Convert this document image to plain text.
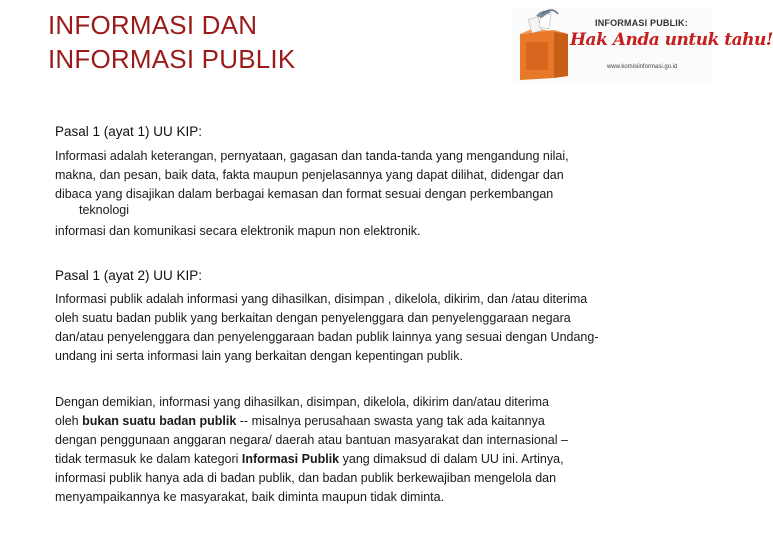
INFORMASI DAN
INFORMASI PUBLIK
INFORMASI PUBLIK:
Hak Anda untuk tahu!
www.komisiinformasi.go.id
Pasal 1 (ayat 1) UU KIP:
Informasi adalah keterangan, pernyataan, gagasan dan tanda-tanda yang mengandung nilai,
makna, dan pesan, baik data, fakta maupun penjelasannya yang dapat dilihat, didengar dan
dibaca yang disajikan dalam berbagai kemasan dan format sesuai dengan perkembangan
teknologi
informasi dan komunikasi secara elektronik mapun non elektronik.
Pasal 1 (ayat 2) UU KIP:
Informasi publik adalah informasi yang dihasilkan, disimpan , dikelola, dikirim, dan /atau diterima
oleh suatu badan publik yang berkaitan dengan penyelenggara dan penyelenggaraan negara
dan/atau penyelenggara dan penyelenggaraan badan publik lainnya yang sesuai dengan Undang-
undang ini serta informasi lain yang berkaitan dengan kepentingan publik.
Dengan demikian, informasi yang dihasilkan, disimpan, dikelola, dikirim dan/atau diterima
oleh bukan suatu badan publik -- misalnya perusahaan swasta yang tak ada kaitannya
dengan penggunaan anggaran negara/ daerah atau bantuan masyarakat dan internasional –
tidak termasuk ke dalam kategori Informasi Publik yang dimaksud di dalam UU ini. Artinya,
informasi publik hanya ada di badan publik, dan badan publik berkewajiban mengelola dan
menyampaikannya ke masyarakat, baik diminta maupun tidak diminta.
